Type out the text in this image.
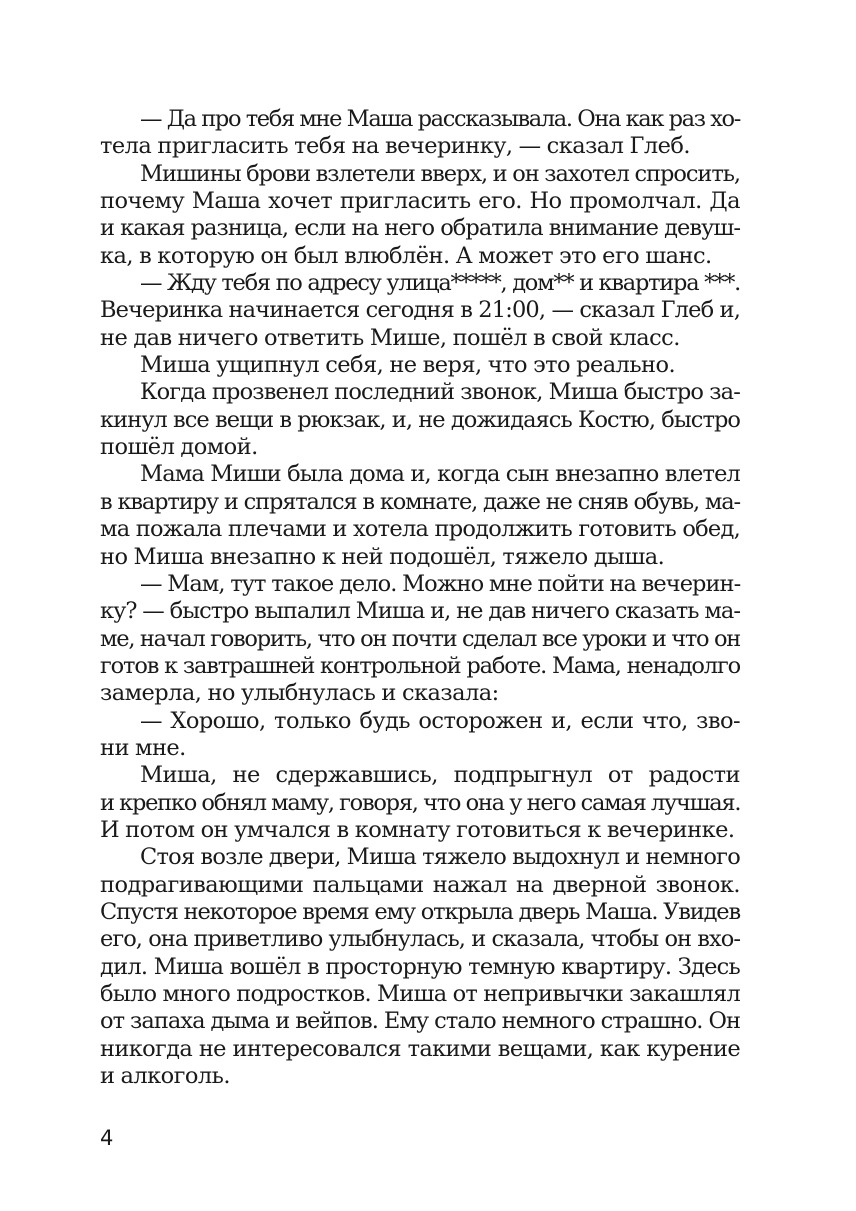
— Да про тебя мне Маша рассказывала. Она как раз хо-
тела пригласить тебя на вечеринку, — сказал Глеб.
Мишины брови взлетели вверх, и он захотел спросить,
почему Маша хочет пригласить его. Но промолчал. Да
и какая разница, если на него обратила внимание девуш-
ка, в которую он был влюблён. А может это его шанс.
— Жду тебя по адресу улица*****, дом** и квартира ***.
Вечеринка начинается сегодня в 21:00, — сказал Глеб и,
не дав ничего ответить Мише, пошёл в свой класс.
Миша ущипнул себя, не веря, что это реально.
Когда прозвенел последний звонок, Миша быстро за-
кинул все вещи в рюкзак, и, не дожидаясь Костю, быстро
пошёл домой.
Мама Миши была дома и, когда сын внезапно влетел
в квартиру и спрятался в комнате, даже не сняв обувь, ма-
ма пожала плечами и хотела продолжить готовить обед,
но Миша внезапно к ней подошёл, тяжело дыша.
— Мам, тут такое дело. Можно мне пойти на вечерин-
ку? — быстро выпалил Миша и, не дав ничего сказать ма-
ме, начал говорить, что он почти сделал все уроки и что он
готов к завтрашней контрольной работе. Мама, ненадолго
замерла, но улыбнулась и сказала:
— Хорошо, только будь осторожен и, если что, зво-
ни мне.
Миша, не сдержавшись, подпрыгнул от радости
и крепко обнял маму, говоря, что она у него самая лучшая.
И потом он умчался в комнату готовиться к вечеринке.
Стоя возле двери, Миша тяжело выдохнул и немного
подрагивающими пальцами нажал на дверной звонок.
Спустя некоторое время ему открыла дверь Маша. Увидев
его, она приветливо улыбнулась, и сказала, чтобы он вхо-
дил. Миша вошёл в просторную темную квартиру. Здесь
было много подростков. Миша от непривычки закашлял
от запаха дыма и вейпов. Ему стало немного страшно. Он
никогда не интересовался такими вещами, как курение
и алкоголь.
4
